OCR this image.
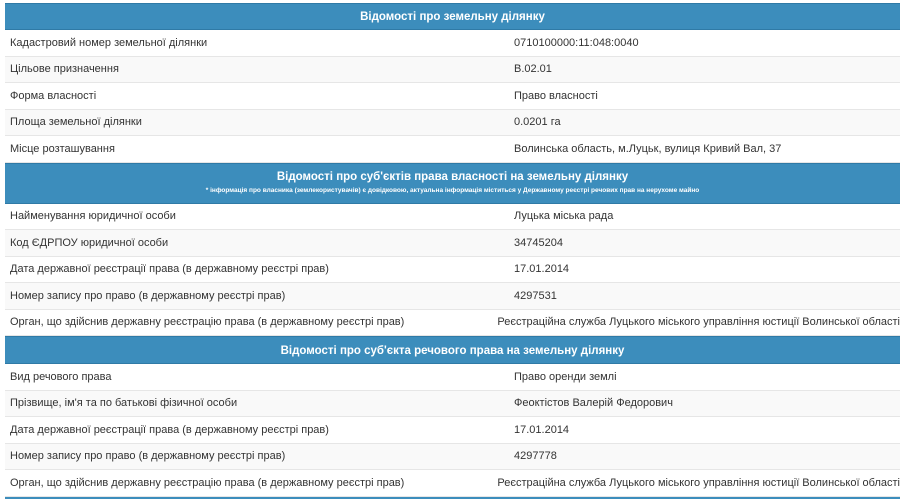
Відомості про земельну ділянку
Кадастровий номер земельної ділянки	0710100000:11:048:0040
Цільове призначення	В.02.01
Форма власності	Право власності
Площа земельної ділянки	0.0201 га
Місце розташування	Волинська область, м.Луцьк, вулиця Кривий Вал, 37
Відомості про суб'єктів права власності на земельну ділянку
* інформація про власника (землекористувачів) є довідковою, актуальна інформація міститься у Державному реєстрі речових прав на нерухоме майно
Найменування юридичної особи	Луцька міська рада
Код ЄДРПОУ юридичної особи	34745204
Дата державної реєстрації права (в державному реєстрі прав)	17.01.2014
Номер запису про право (в державному реєстрі прав)	4297531
Орган, що здійснив державну реєстрацію права (в державному реєстрі прав)	Реєстраційна служба Луцького міського управління юстиції Волинської області
Відомості про суб'єкта речового права на земельну ділянку
Вид речового права	Право оренди землі
Прізвище, ім'я та по батькові фізичної особи	Феоктістов Валерій Федорович
Дата державної реєстрації права (в державному реєстрі прав)	17.01.2014
Номер запису про право (в державному реєстрі прав)	4297778
Орган, що здійснив державну реєстрацію права (в державному реєстрі прав)	Реєстраційна служба Луцького міського управління юстиції Волинської області
